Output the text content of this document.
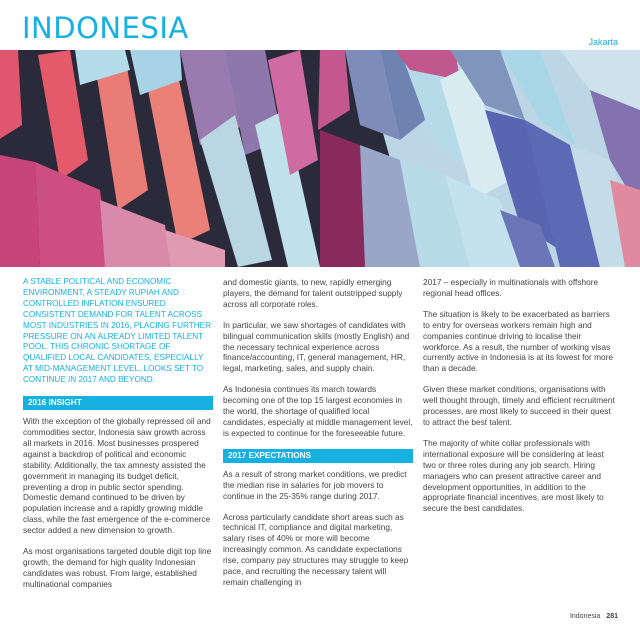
INDONESIA	Jakarta

A STABLE POLITICAL AND ECONOMIC ENVIRONMENT, A STEADY RUPIAH AND CONTROLLED INFLATION ENSURED CONSISTENT DEMAND FOR TALENT ACROSS MOST INDUSTRIES IN 2016, PLACING FURTHER PRESSURE ON AN ALREADY LIMITED TALENT POOL. THIS CHRONIC SHORTAGE OF QUALIFIED LOCAL CANDIDATES, ESPECIALLY AT MID-MANAGEMENT LEVEL, LOOKS SET TO CONTINUE IN 2017 AND BEYOND.

2016 INSIGHT

With the exception of the globally repressed oil and commodities sector, Indonesia saw growth across all markets in 2016. Most businesses prospered against a backdrop of political and economic stability. Additionally, the tax amnesty assisted the government in managing its budget deficit, preventing a drop in public sector spending. Domestic demand continued to be driven by population increase and a rapidly growing middle class, while the fast emergence of the e-commerce sector added a new dimension to growth.

As most organisations targeted double digit top line growth, the demand for high quality Indonesian candidates was robust. From large, established multinational companies

and domestic giants, to new, rapidly emerging players, the demand for talent outstripped supply across all corporate roles.

In particular, we saw shortages of candidates with bilingual communication skills (mostly English) and the necessary technical experience across finance/accounting, IT, general management, HR, legal, marketing, sales, and supply chain.

As Indonesia continues its march towards becoming one of the top 15 largest economies in the world, the shortage of qualified local candidates, especially at middle management level, is expected to continue for the foreseeable future.

2017 EXPECTATIONS

As a result of strong market conditions, we predict the median rise in salaries for job movers to continue in the 25-35% range during 2017.

Across particularly candidate short areas such as technical IT, compliance and digital marketing, salary rises of 40% or more will become increasingly common. As candidate expectations rise, company pay structures may struggle to keep pace, and recruiting the necessary talent will remain challenging in

2017 – especially in multinationals with offshore regional head offices.

The situation is likely to be exacerbated as barriers to entry for overseas workers remain high and companies continue driving to localise their workforce. As a result, the number of working visas currently active in Indonesia is at its lowest for more than a decade.

Given these market conditions, organisations with well thought through, timely and efficient recruitment processes, are most likely to succeed in their quest to attract the best talent.

The majority of white collar professionals with international exposure will be considering at least two or three roles during any job search. Hiring managers who can present attractive career and development opportunities, in addition to the appropriate financial incentives, are most likely to secure the best candidates.

Indonesia 281
